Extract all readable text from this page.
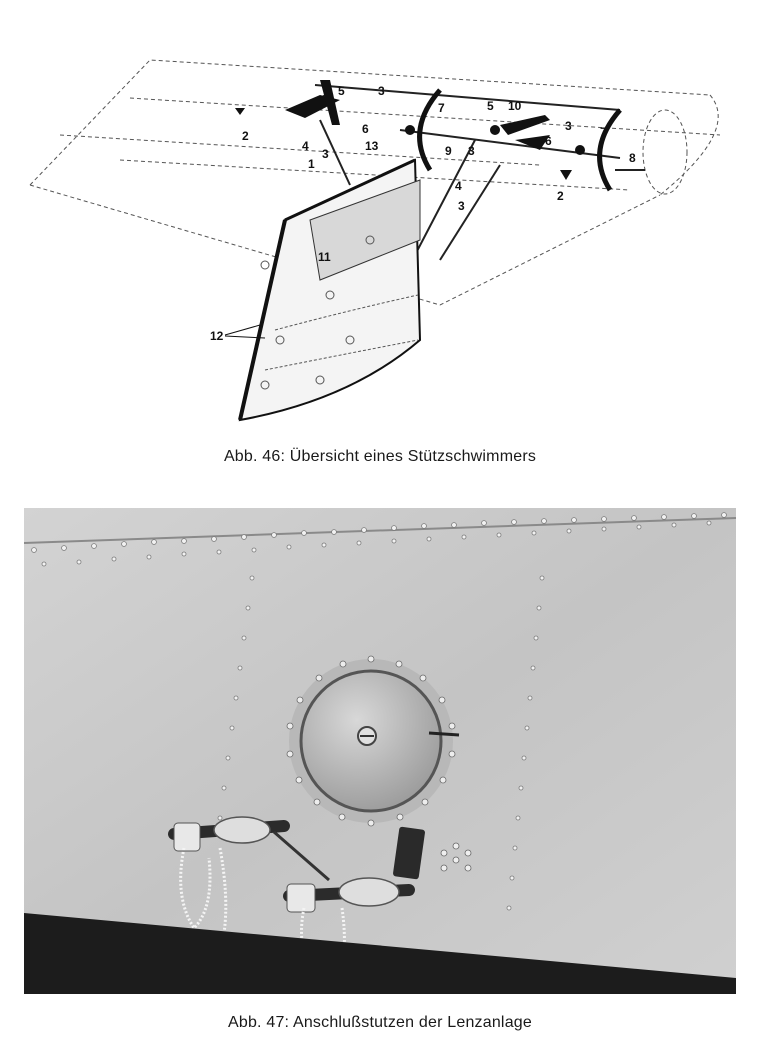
5	3
2
7	5 10
6	3 7
6
4
3
13
1
9 3	8
4
2
3
11
12
Abb. 46: Übersicht eines Stützschwimmers
Abb. 47: Anschlußstutzen der Lenzanlage
